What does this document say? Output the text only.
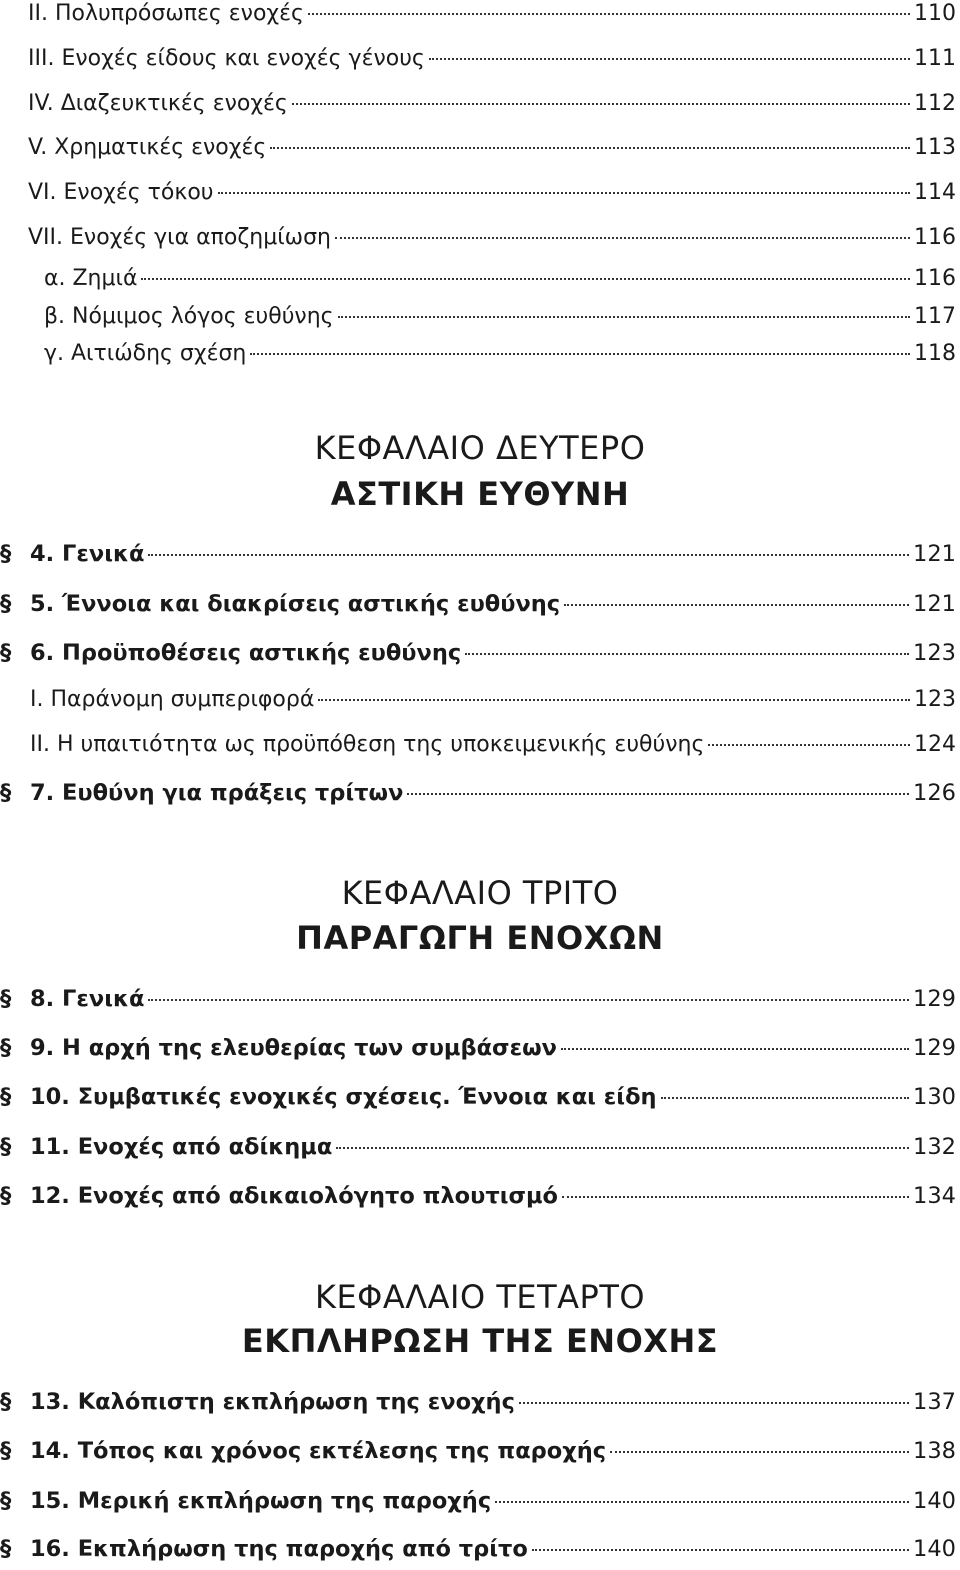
II. Πολυπρόσωπες ενοχές	110
III. Ενοχές είδους και ενοχές γένους	111
IV. Διαζευκτικές ενοχές	112
V. Χρηματικές ενοχές	113
VI. Ενοχές τόκου	114
VII. Ενοχές για αποζημίωση	116
α. Ζημιά	116
β. Νόμιμος λόγος ευθύνης	117
γ. Αιτιώδης σχέση	118
ΚΕΦΑΛΑΙΟ ΔΕΥΤΕΡΟ
ΑΣΤΙΚΗ ΕΥΘΥΝΗ
§ 4. Γενικά	121
§ 5. Έννοια και διακρίσεις αστικής ευθύνης	121
§ 6. Προϋποθέσεις αστικής ευθύνης	123
I. Παράνομη συμπεριφορά	123
II. Η υπαιτιότητα ως προϋπόθεση της υποκειμενικής ευθύνης	124
§ 7. Ευθύνη για πράξεις τρίτων	126
ΚΕΦΑΛΑΙΟ ΤΡΙΤΟ
ΠΑΡΑΓΩΓΗ ΕΝΟΧΩΝ
§ 8. Γενικά	129
§ 9. Η αρχή της ελευθερίας των συμβάσεων	129
§ 10. Συμβατικές ενοχικές σχέσεις. Έννοια και είδη	130
§ 11. Ενοχές από αδίκημα	132
§ 12. Ενοχές από αδικαιολόγητο πλουτισμό	134
ΚΕΦΑΛΑΙΟ ΤΕΤΑΡΤΟ
ΕΚΠΛΗΡΩΣΗ ΤΗΣ ΕΝΟΧΗΣ
§ 13. Καλόπιστη εκπλήρωση της ενοχής	137
§ 14. Τόπος και χρόνος εκτέλεσης της παροχής	138
§ 15. Μερική εκπλήρωση της παροχής	140
§ 16. Εκπλήρωση της παροχής από τρίτο	140
